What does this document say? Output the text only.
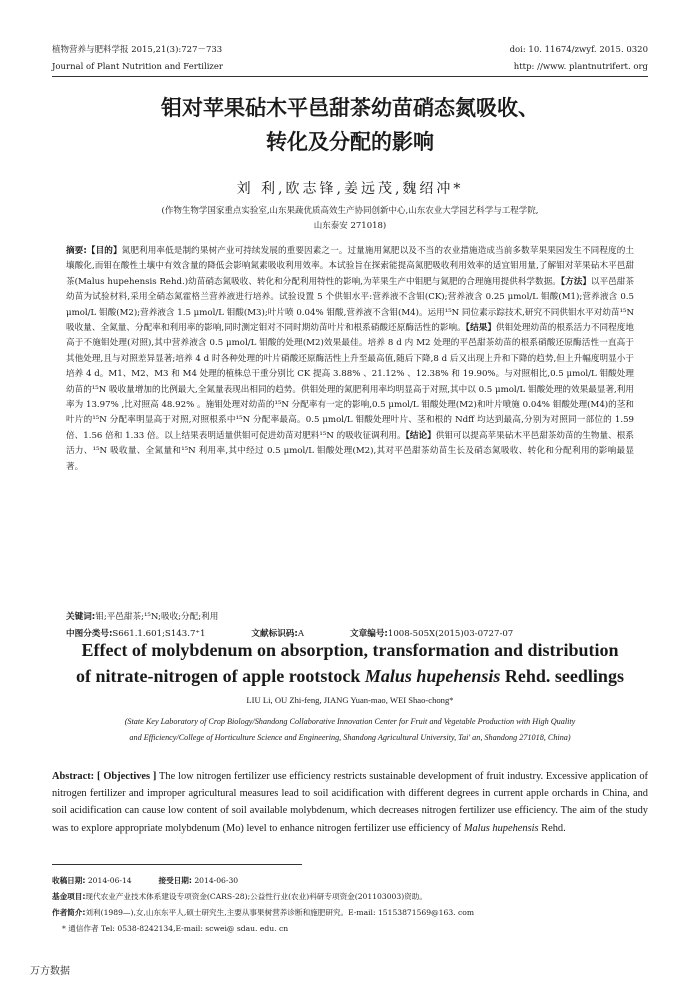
植物营养与肥料学报 2015,21(3):727－733	doi: 10. 11674/zwyf. 2015. 0320
Journal of Plant Nutrition and Fertilizer	http: //www. plantnutrifert. org
钼对苹果砧木平邑甜茶幼苗硝态氮吸收、
转化及分配的影响
刘 利,欧志锋,姜远茂,魏绍冲*
(作物生物学国家重点实验室,山东果蔬优质高效生产协同创新中心,山东农业大学园艺科学与工程学院,
山东泰安 271018)
摘要:【目的】氮肥利用率低是制约果树产业可持续发展的重要因素之一。过量施用氮肥以及不当的农业措施造成当前多数苹果果园发生不同程度的土壤酸化,而钼在酸性土壤中有效含量的降低会影响氮素吸收利用效率。本试验旨在探索能提高氮肥吸收利用效率的适宜钼用量,了解钼对苹果砧木平邑甜茶(Malus hupehensis Rehd.)幼苗硝态氮吸收、转化和分配利用特性的影响,为苹果生产中钼肥与氮肥的合理施用提供科学数据。【方法】以平邑甜茶幼苗为试验材料,采用全硝态氮霍格兰营养液进行培养。试验设置 5 个供钼水平:营养液不含钼(CK);营养液含 0.25 μmol/L 钼酸(M1);营养液含 0.5 μmol/L 钼酸(M2);营养液含 1.5 μmol/L 钼酸(M3);叶片喷 0.04% 钼酸,营养液不含钼(M4)。运用¹⁵N 同位素示踪技术,研究不同供钼水平对幼苗¹⁵N 吸收量、全氮量、分配率和利用率的影响,同时测定钼对不同时期幼苗叶片和根系硝酸还原酶活性的影响。【结果】供钼处理幼苗的根系活力不同程度地高于不施钼处理(对照),其中营养液含 0.5 μmol/L 钼酸的处理(M2)效果最佳。培养 8 d 内 M2 处理的平邑甜茶幼苗的根系硝酸还原酶活性一直高于其他处理,且与对照差异显著;培养 4 d 时各种处理的叶片硝酸还原酶活性上升至最高值,随后下降,8 d 后又出现上升和下降的趋势,但上升幅度明显小于培养 4 d。M1、M2、M3 和 M4 处理的植株总干重分别比 CK 提高 3.88% 、21.12% 、12.38% 和 19.90%。与对照相比,0.5 μmol/L 钼酸处理幼苗的¹⁵N 吸收量增加的比例最大,全氮量表现出相同的趋势。供钼处理的氮肥利用率均明显高于对照,其中以 0.5 μmol/L 钼酸处理的效果最显著,利用率为 13.97% ,比对照高 48.92% 。施钼处理对幼苗的¹⁵N 分配率有一定的影响,0.5 μmol/L 钼酸处理(M2)和叶片喷施 0.04% 钼酸处理(M4)的茎和叶片的¹⁵N 分配率明显高于对照,对照根系中¹⁵N 分配率最高。0.5 μmol/L 钼酸处理叶片、茎和根的 Ndff 均达到最高,分别为对照同一部位的 1.59 倍、1.56 倍和 1.33 倍。以上结果表明适量供钼可促进幼苗对肥料¹⁵N 的吸收征调利用。【结论】供钼可以提高苹果砧木平邑甜茶幼苗的生物量、根系活力、¹⁵N 吸收量、全氮量和¹⁵N 利用率,其中经过 0.5 μmol/L 钼酸处理(M2),其对平邑甜茶幼苗生长及硝态氮吸收、转化和分配利用的影响最显著。
关键词:钼;平邑甜茶;¹⁵N;吸收;分配;利用
中图分类号:S661.1.601;S143.7⁺1	文献标识码:A	文章编号:1008-505X(2015)03-0727-07
Effect of molybdenum on absorption, transformation and distribution
of nitrate-nitrogen of apple rootstock Malus hupehensis Rehd. seedlings
LIU Li, OU Zhi-feng, JIANG Yuan-mao, WEI Shao-chong*
(State Key Laboratory of Crop Biology/Shandong Collaborative Innovation Center for Fruit and Vegetable Production with High Quality
and Efficiency/College of Horticulture Science and Engineering, Shandong Agricultural University, Tai' an, Shandong 271018, China)
Abstract: [ Objectives ] The low nitrogen fertilizer use efficiency restricts sustainable development of fruit industry. Excessive application of nitrogen fertilizer and improper agricultural measures lead to soil acidification with different degrees in current apple orchards in China, and soil acidification can cause low content of soil available molybdenum, which decreases nitrogen fertilizer use efficiency. The aim of the study was to explore appropriate molybdenum (Mo) level to enhance nitrogen fertilizer use efficiency of Malus hupehensis Rehd.
收稿日期: 2014-06-14	接受日期: 2014-06-30
基金项目:现代农业产业技术体系建设专项资金(CARS-28);公益性行业(农业)科研专项资金(201103003)资助。
作者简介:刘利(1989—),女,山东东平人,硕士研究生,主要从事果树营养诊断和施肥研究。E-mail: 15153871569@163. com
* 通信作者 Tel: 0538-8242134,E-mail: scwei@ sdau. edu. cn
万方数据
